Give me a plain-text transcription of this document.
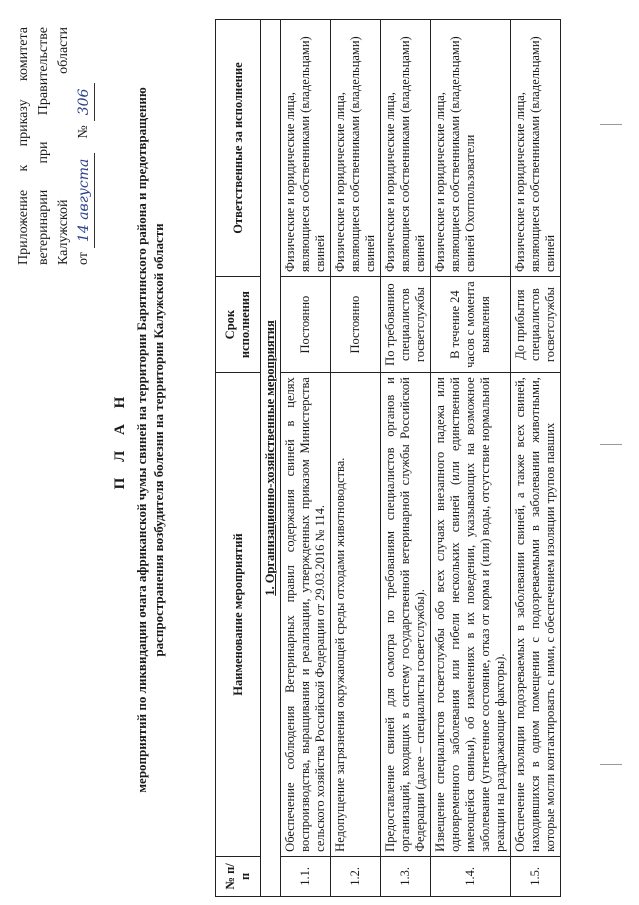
Приложение
к
приказу
комитета
ветеринарии
при
Правительстве
Калужской
области
от
14 августа
№
306
П Л А Н мероприятий по ликвидации очага африканской чумы свиней на территории Барятинского района и предотвращению распространения возбудителя болезни на территории Калужской области
№ п/п	Наименование мероприятий	Срок исполнения	Ответственные за исполнение
1. Организационно-хозяйственные мероприятия			
1.1.	Обеспечение соблюдения Ветеринарных правил содержания свиней в целях воспроизводства, выращивания и реализации, утвержденных приказом Министерства сельского хозяйства Российской Федерации от 29.03.2016 № 114.	Постоянно	Физические и юридические лица, являющиеся собственниками (владельцами) свиней
1.2.	Недопущение загрязнения окружающей среды отходами животноводства.	Постоянно	Физические и юридические лица, являющиеся собственниками (владельцами) свиней
1.3.	Предоставление свиней для осмотра по требованиям специалистов органов и организаций, входящих в систему государственной ветеринарной службы Российской Федерации (далее – специалисты госветслужбы).	По требованию специалистов госветслужбы	Физические и юридические лица, являющиеся собственниками (владельцами) свиней
1.4.	Извещение специалистов госветслужбы обо всех случаях внезапного падежа или одновременного заболевания или гибели нескольких свиней (или единственной имеющейся свиньи), об изменениях в их поведении, указывающих на возможное заболевание (угнетенное состояние, отказ от корма и (или) воды, отсутствие нормальной реакции на раздражающие факторы).	В течение 24 часов с момента выявления	Физические и юридические лица, являющиеся собственниками (владельцами) свиней Охотпользователи
1.5.	Обеспечение изоляции подозреваемых в заболевании свиней, а также всех свиней, находившихся в одном помещении с подозреваемыми в заболевании животными, которые могли контактировать с ними, с обеспечением изоляции трупов павших	До прибытия специалистов госветслужбы	Физические и юридические лица, являющиеся собственниками (владельцами) свиней
